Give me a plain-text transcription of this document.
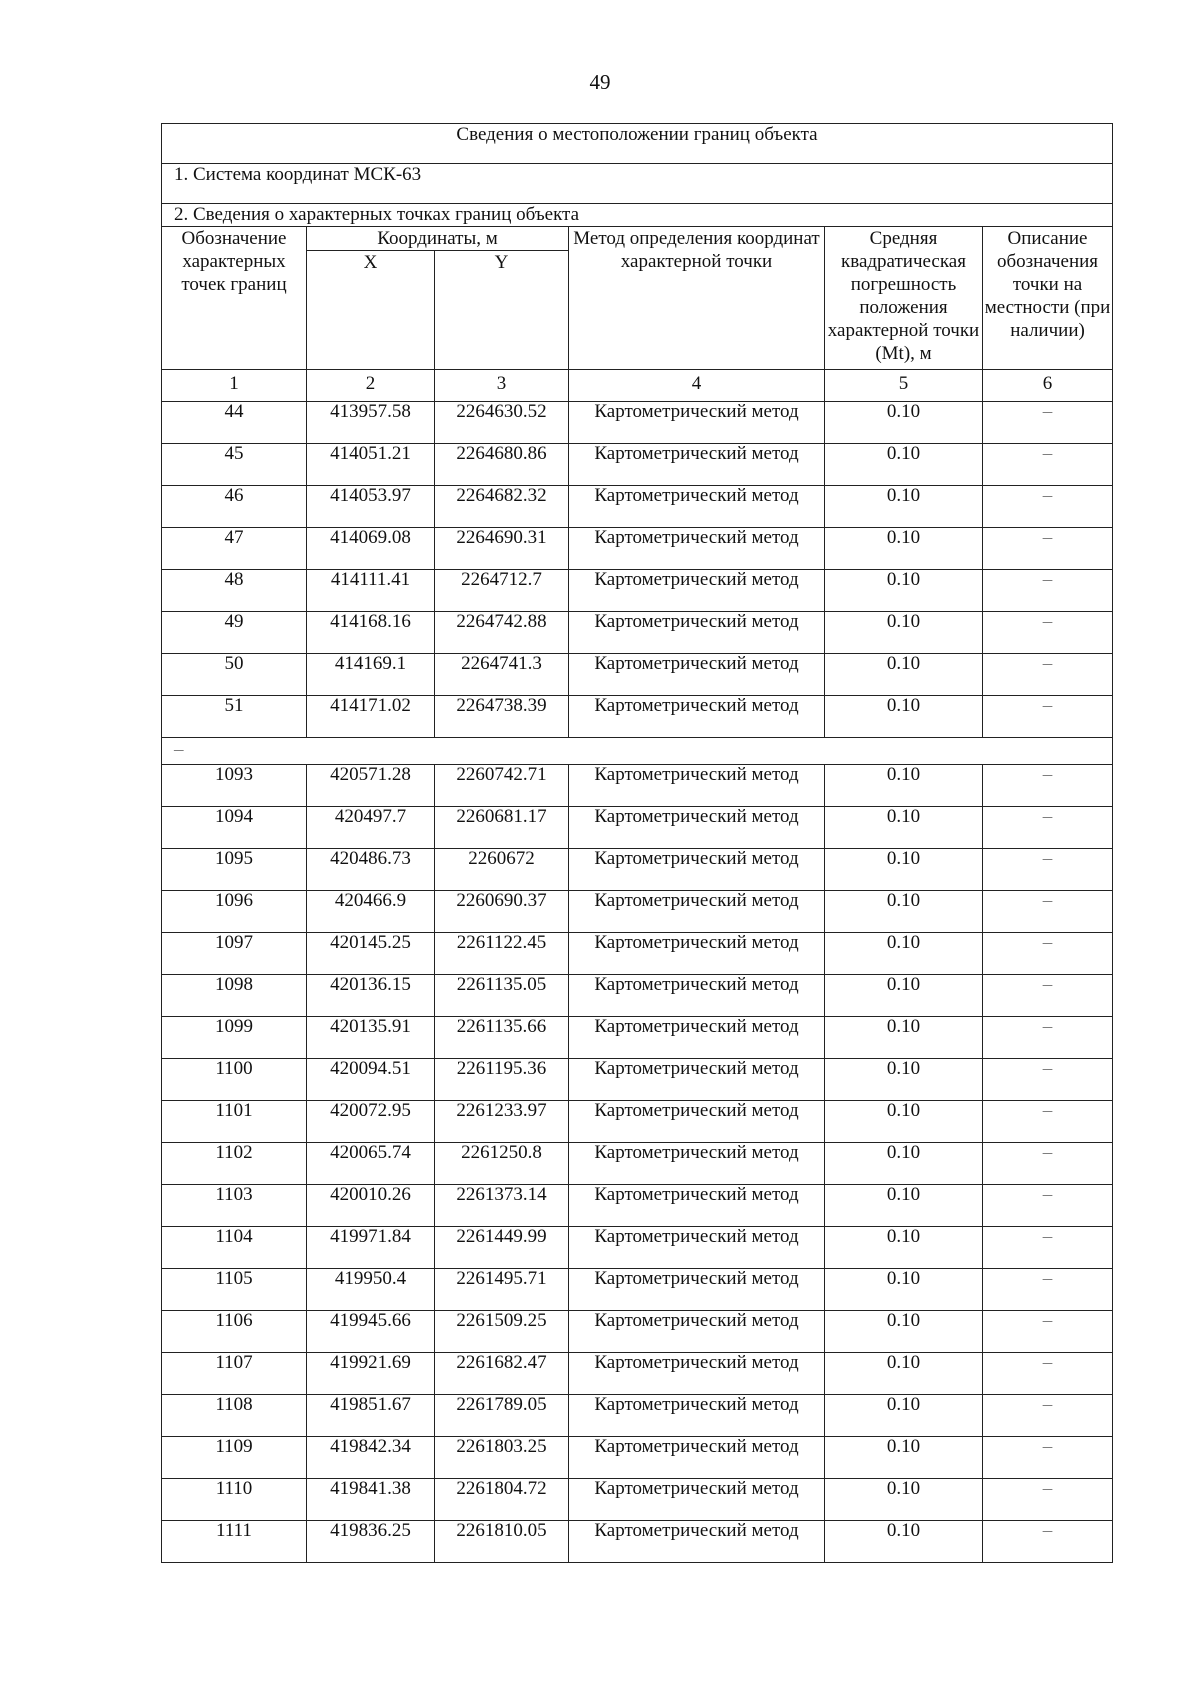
49
Сведения о местоположении границ объекта					
1. Система координат МСК-63					
2. Сведения о характерных точках границ объекта					
Обозначение характерных точек границ	Координаты, м		Метод определения координат характерной точки	Средняя квадратическая погрешность положения характерной точки (Mt), м	Описание обозначения точки на местности (при наличии)
	X	Y			
1	2	3	4	5	6
44	413957.58	2264630.52	Картометрический метод	0.10	–
45	414051.21	2264680.86	Картометрический метод	0.10	–
46	414053.97	2264682.32	Картометрический метод	0.10	–
47	414069.08	2264690.31	Картометрический метод	0.10	–
48	414111.41	2264712.7	Картометрический метод	0.10	–
49	414168.16	2264742.88	Картометрический метод	0.10	–
50	414169.1	2264741.3	Картометрический метод	0.10	–
51	414171.02	2264738.39	Картометрический метод	0.10	–
–					
1093	420571.28	2260742.71	Картометрический метод	0.10	–
1094	420497.7	2260681.17	Картометрический метод	0.10	–
1095	420486.73	2260672	Картометрический метод	0.10	–
1096	420466.9	2260690.37	Картометрический метод	0.10	–
1097	420145.25	2261122.45	Картометрический метод	0.10	–
1098	420136.15	2261135.05	Картометрический метод	0.10	–
1099	420135.91	2261135.66	Картометрический метод	0.10	–
1100	420094.51	2261195.36	Картометрический метод	0.10	–
1101	420072.95	2261233.97	Картометрический метод	0.10	–
1102	420065.74	2261250.8	Картометрический метод	0.10	–
1103	420010.26	2261373.14	Картометрический метод	0.10	–
1104	419971.84	2261449.99	Картометрический метод	0.10	–
1105	419950.4	2261495.71	Картометрический метод	0.10	–
1106	419945.66	2261509.25	Картометрический метод	0.10	–
1107	419921.69	2261682.47	Картометрический метод	0.10	–
1108	419851.67	2261789.05	Картометрический метод	0.10	–
1109	419842.34	2261803.25	Картометрический метод	0.10	–
1110	419841.38	2261804.72	Картометрический метод	0.10	–
1111	419836.25	2261810.05	Картометрический метод	0.10	–
